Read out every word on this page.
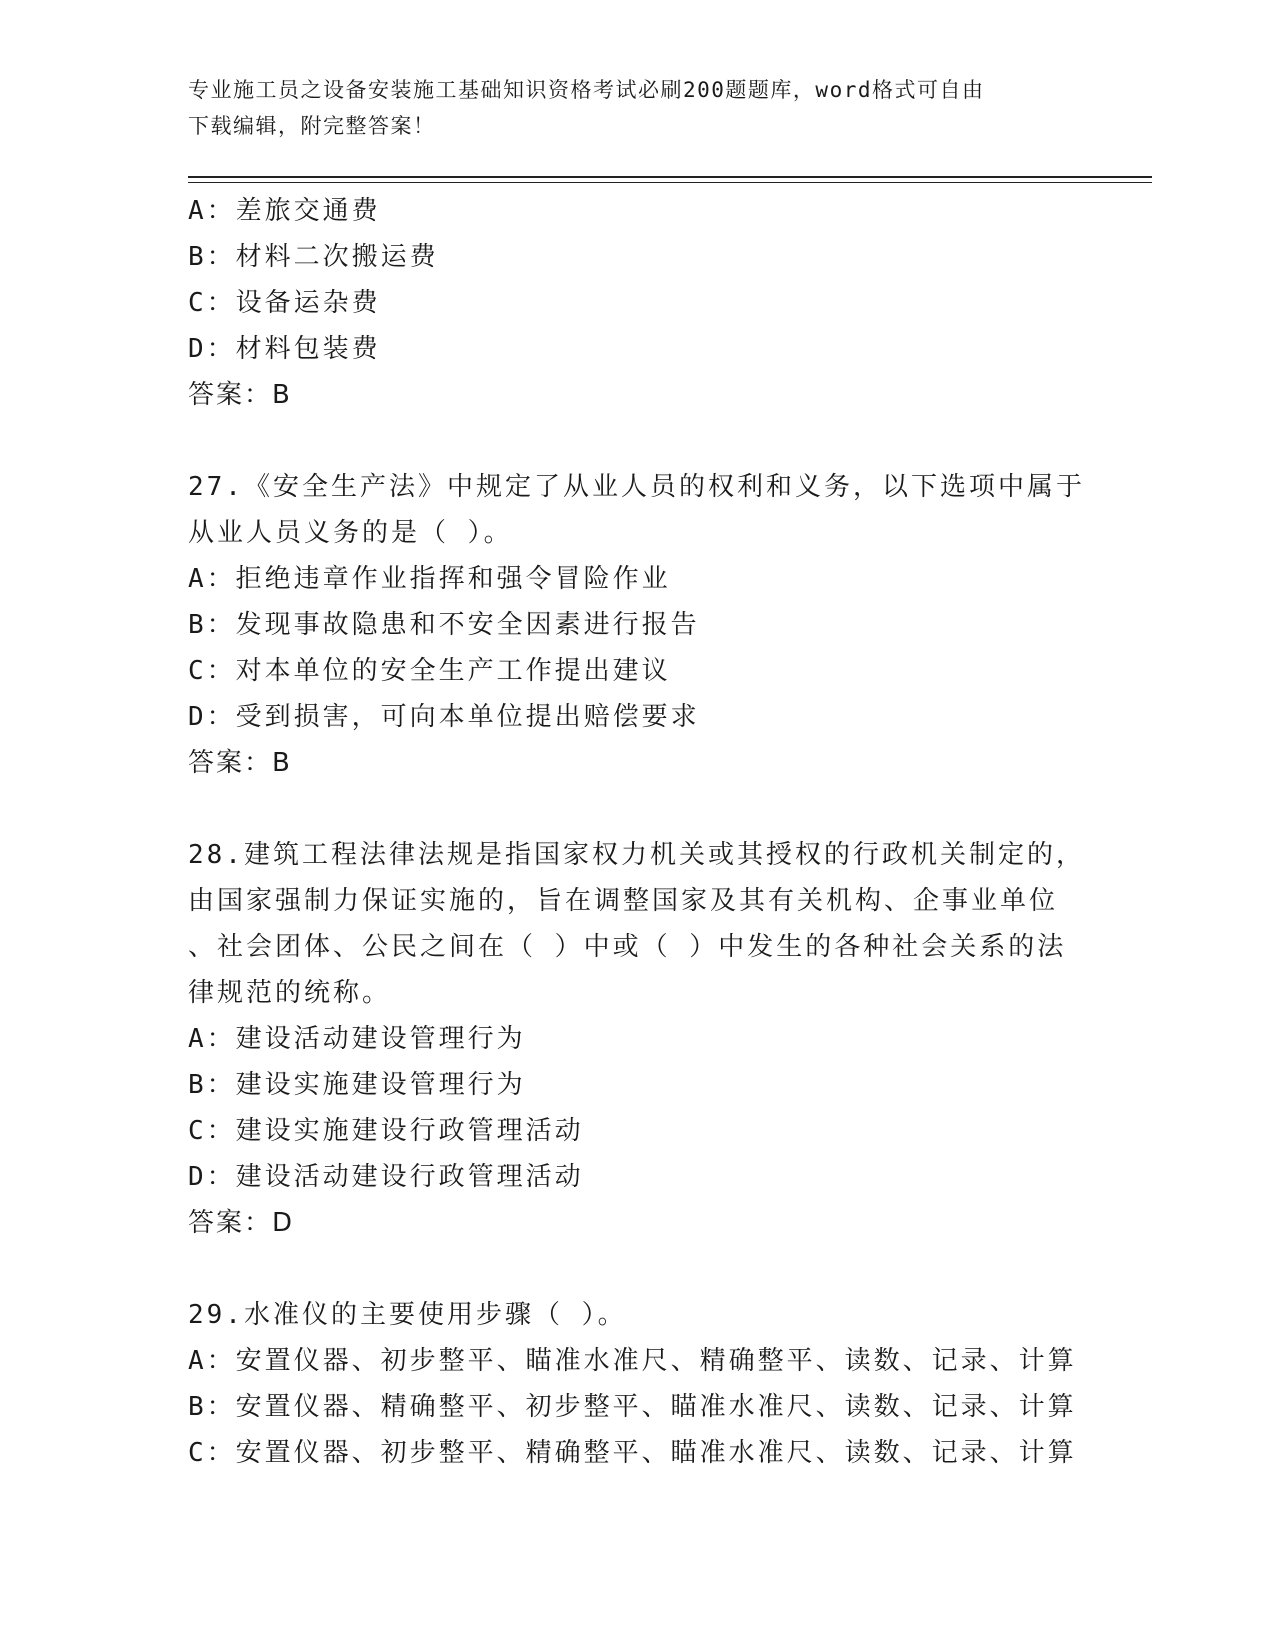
专业施工员之设备安装施工基础知识资格考试必刷200题题库，word格式可自由
下载编辑，附完整答案！
A：差旅交通费
B：材料二次搬运费
C：设备运杂费
D：材料包装费
答案：B
27.《安全生产法》中规定了从业人员的权利和义务，以下选项中属于
从业人员义务的是（ ）。
A：拒绝违章作业指挥和强令冒险作业
B：发现事故隐患和不安全因素进行报告
C：对本单位的安全生产工作提出建议
D：受到损害，可向本单位提出赔偿要求
答案：B
28.建筑工程法律法规是指国家权力机关或其授权的行政机关制定的，
由国家强制力保证实施的，旨在调整国家及其有关机构、企事业单位
、社会团体、公民之间在（ ）中或（ ）中发生的各种社会关系的法
律规范的统称。
A：建设活动建设管理行为
B：建设实施建设管理行为
C：建设实施建设行政管理活动
D：建设活动建设行政管理活动
答案：D
29.水准仪的主要使用步骤（ ）。
A：安置仪器、初步整平、瞄准水准尺、精确整平、读数、记录、计算
B：安置仪器、精确整平、初步整平、瞄准水准尺、读数、记录、计算
C：安置仪器、初步整平、精确整平、瞄准水准尺、读数、记录、计算
